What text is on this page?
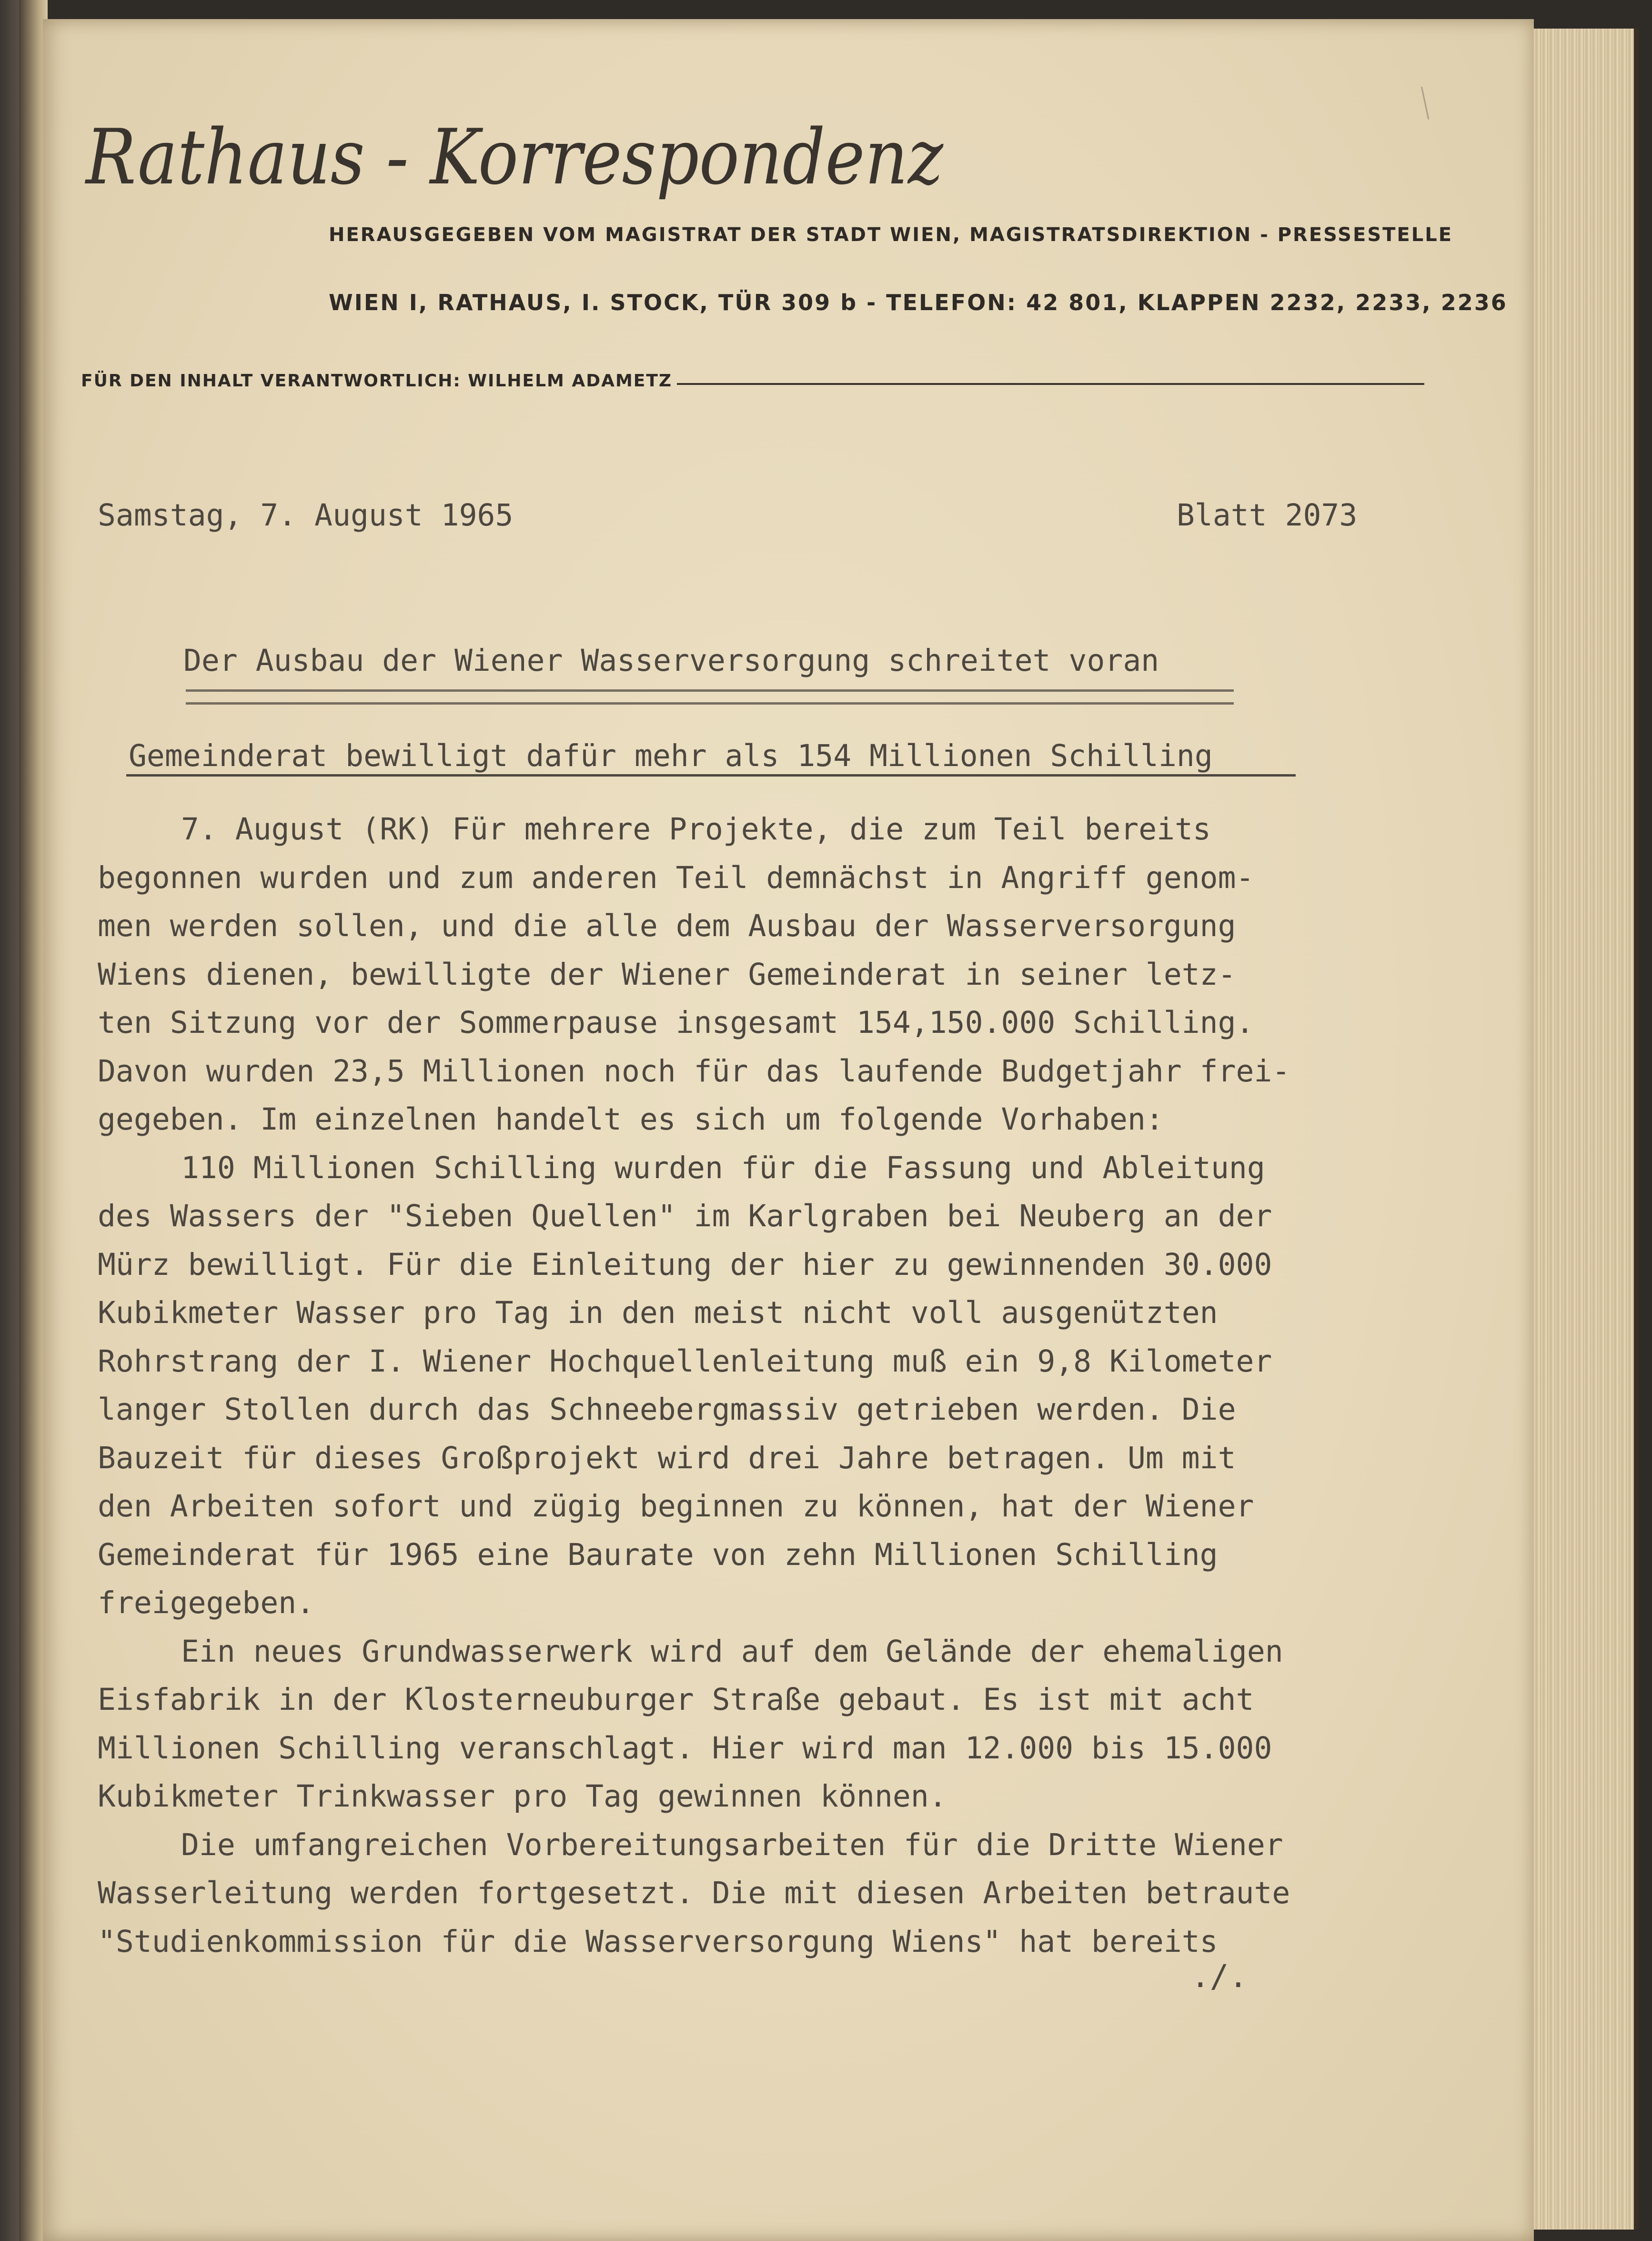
Rathaus - Korrespondenz
HERAUSGEGEBEN VOM MAGISTRAT DER STADT WIEN, MAGISTRATSDIREKTION - PRESSESTELLE
WIEN I, RATHAUS, I. STOCK, TÜR 309 b - TELEFON: 42 801, KLAPPEN 2232, 2233, 2236
FÜR DEN INHALT VERANTWORTLICH: WILHELM ADAMETZ
Samstag, 7. August 1965	Blatt 2073
Der Ausbau der Wiener Wasserversorgung schreitet voran
Gemeinderat bewilligt dafür mehr als 154 Millionen Schilling
7. August (RK) Für mehrere Projekte, die zum Teil bereits
begonnen wurden und zum anderen Teil demnächst in Angriff genom-
men werden sollen, und die alle dem Ausbau der Wasserversorgung
Wiens dienen, bewilligte der Wiener Gemeinderat in seiner letz-
ten Sitzung vor der Sommerpause insgesamt 154,150.000 Schilling.
Davon wurden 23,5 Millionen noch für das laufende Budgetjahr frei-
gegeben. Im einzelnen handelt es sich um folgende Vorhaben:
110 Millionen Schilling wurden für die Fassung und Ableitung
des Wassers der "Sieben Quellen" im Karlgraben bei Neuberg an der
Mürz bewilligt. Für die Einleitung der hier zu gewinnenden 30.000
Kubikmeter Wasser pro Tag in den meist nicht voll ausgenützten
Rohrstrang der I. Wiener Hochquellenleitung muß ein 9,8 Kilometer
langer Stollen durch das Schneebergmassiv getrieben werden. Die
Bauzeit für dieses Großprojekt wird drei Jahre betragen. Um mit
den Arbeiten sofort und zügig beginnen zu können, hat der Wiener
Gemeinderat für 1965 eine Baurate von zehn Millionen Schilling
freigegeben.
Ein neues Grundwasserwerk wird auf dem Gelände der ehemaligen
Eisfabrik in der Klosterneuburger Straße gebaut. Es ist mit acht
Millionen Schilling veranschlagt. Hier wird man 12.000 bis 15.000
Kubikmeter Trinkwasser pro Tag gewinnen können.
Die umfangreichen Vorbereitungsarbeiten für die Dritte Wiener
Wasserleitung werden fortgesetzt. Die mit diesen Arbeiten betraute
"Studienkommission für die Wasserversorgung Wiens" hat bereits
./.
